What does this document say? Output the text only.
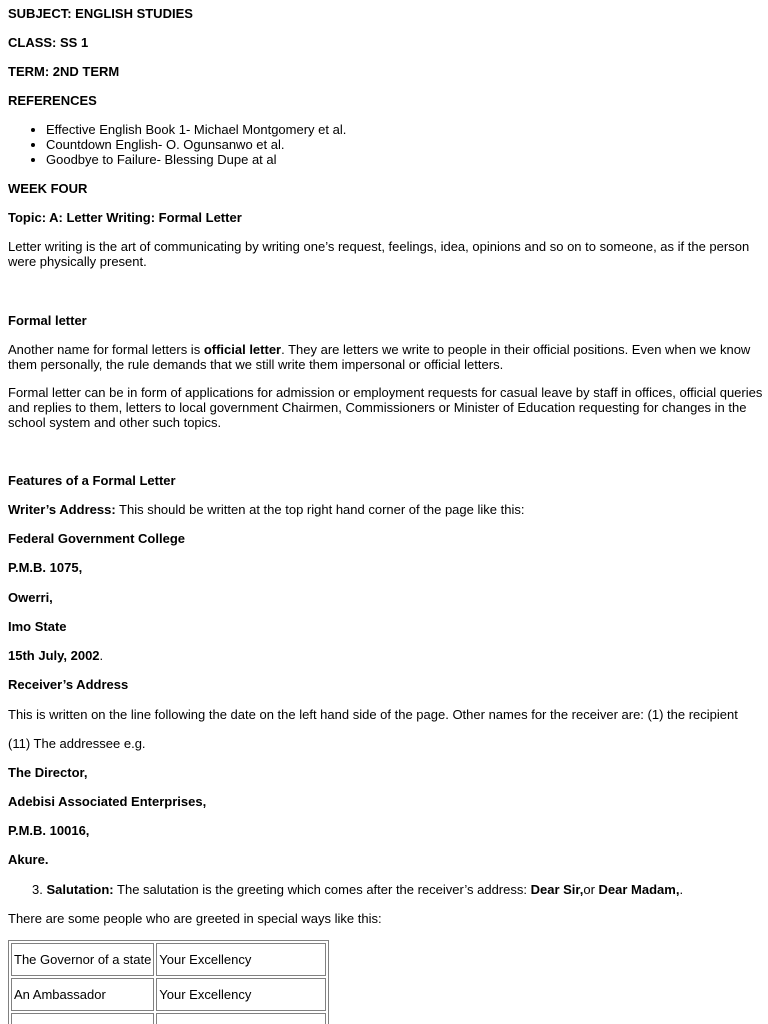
SUBJECT: ENGLISH STUDIES
CLASS: SS 1
TERM: 2ND TERM
REFERENCES
• Effective English Book 1- Michael Montgomery et al.
• Countdown English- O. Ogunsanwo et al.
• Goodbye to Failure- Blessing Dupe at al
WEEK FOUR
Topic: A: Letter Writing: Formal Letter
Letter writing is the art of communicating by writing one’s request, feelings, idea, opinions and so on to someone, as if the person were physically present.
Formal letter
Another name for formal letters is official letter. They are letters we write to people in their official positions. Even when we know them personally, the rule demands that we still write them impersonal or official letters.
Formal letter can be in form of applications for admission or employment requests for casual leave by staff in offices, official queries and replies to them, letters to local government Chairmen, Commissioners or Minister of Education requesting for changes in the school system and other such topics.
Features of a Formal Letter
Writer’s Address: This should be written at the top right hand corner of the page like this:
Federal Government College
P.M.B. 1075,
Owerri,
Imo State
15th July, 2002.
Receiver’s Address
This is written on the line following the date on the left hand side of the page. Other names for the receiver are: (1) the recipient
(11) The addressee e.g.
The Director,
Adebisi Associated Enterprises,
P.M.B. 10016,
Akure.
3. Salutation: The salutation is the greeting which comes after the receiver’s address: Dear Sir,or Dear Madam,.
There are some people who are greeted in special ways like this:
The Governor of a state	Your Excellency
An Ambassador	Your Excellency
